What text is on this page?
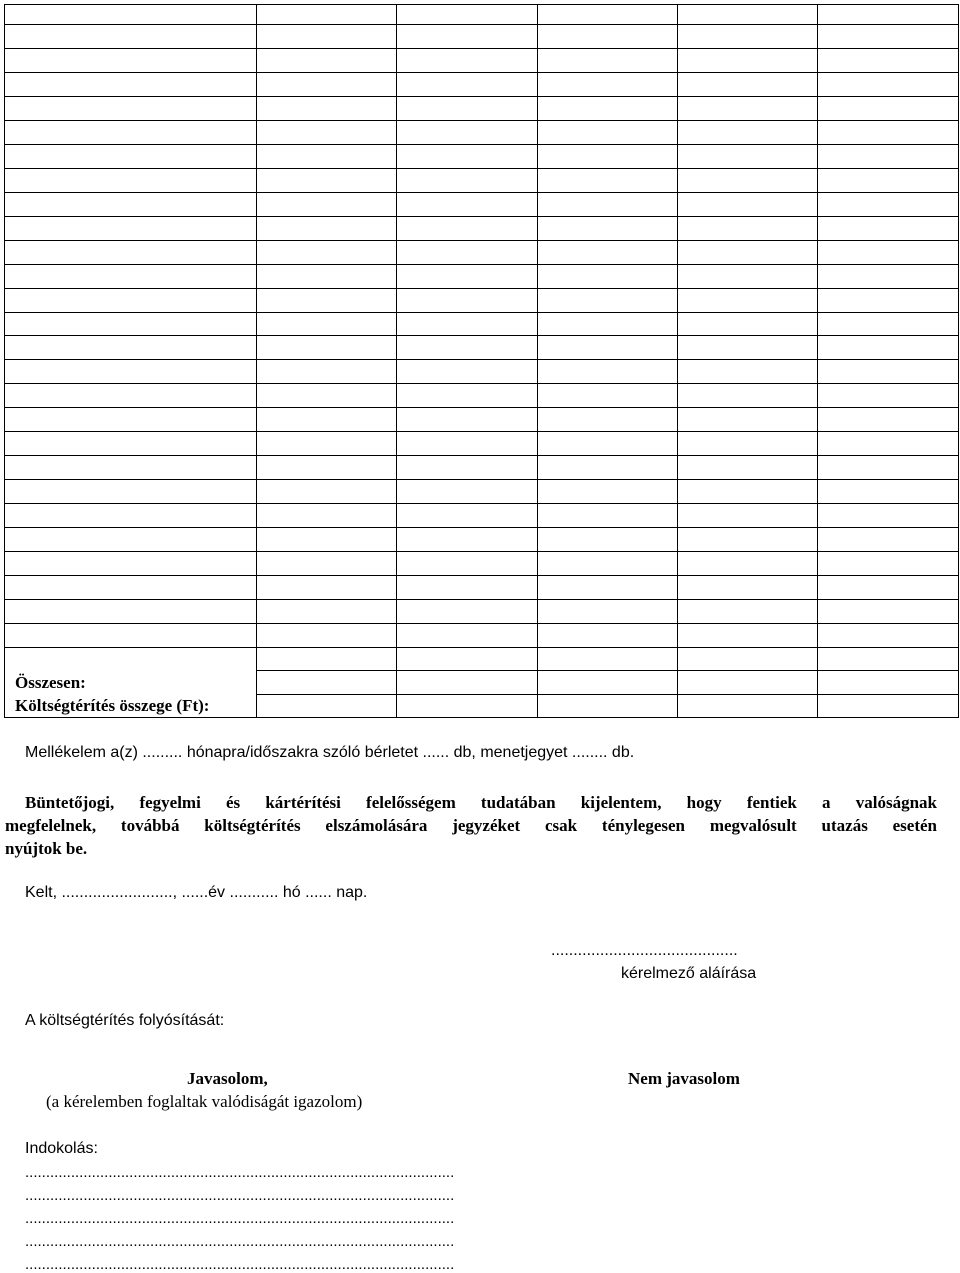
Összesen:
Költségtérítés összege (Ft):
Mellékelem a(z) ......... hónapra/időszakra szóló bérletet ...... db, menetjegyet ........ db.
Büntetőjogi, fegyelmi és kártérítési felelősségem tudatában kijelentem, hogy fentiek a valóságnak
megfelelnek, továbbá költségtérítés elszámolására jegyzéket csak ténylegesen megvalósult utazás esetén
nyújtok be.
Kelt, ........................., ......év ........... hó ...... nap.
..........................................
kérelmező aláírása
A költségtérítés folyósítását:
Javasolom,
(a kérelemben foglaltak valódiságát igazolom)
Nem javasolom
Indokolás:
.......................................................................................................
.......................................................................................................
.......................................................................................................
.......................................................................................................
.......................................................................................................
